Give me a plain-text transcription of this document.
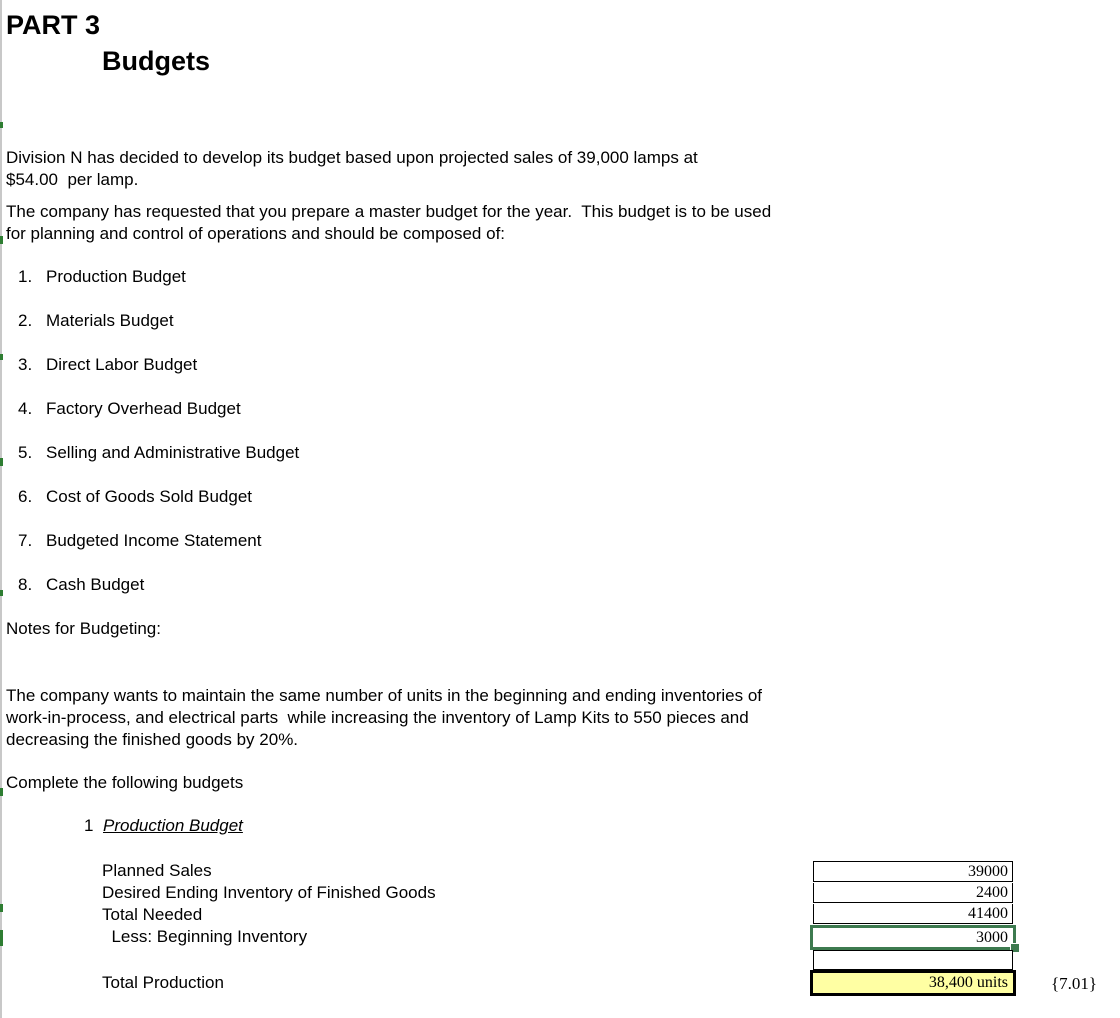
PART 3
Budgets
Division N has decided to develop its budget based upon projected sales of 39,000 lamps at
$54.00  per lamp.
The company has requested that you prepare a master budget for the year.  This budget is to be used
for planning and control of operations and should be composed of:
1. Production Budget
2. Materials Budget
3. Direct Labor Budget
4. Factory Overhead Budget
5. Selling and Administrative Budget
6. Cost of Goods Sold Budget
7. Budgeted Income Statement
8. Cash Budget
Notes for Budgeting:
The company wants to maintain the same number of units in the beginning and ending inventories of
work-in-process, and electrical parts  while increasing the inventory of Lamp Kits to 550 pieces and
decreasing the finished goods by 20%.
Complete the following budgets
1 Production Budget
Planned Sales
Desired Ending Inventory of Finished Goods
Total Needed
Less: Beginning Inventory
Total Production
39000
2400
41400
3000
38,400 units	{7.01}
